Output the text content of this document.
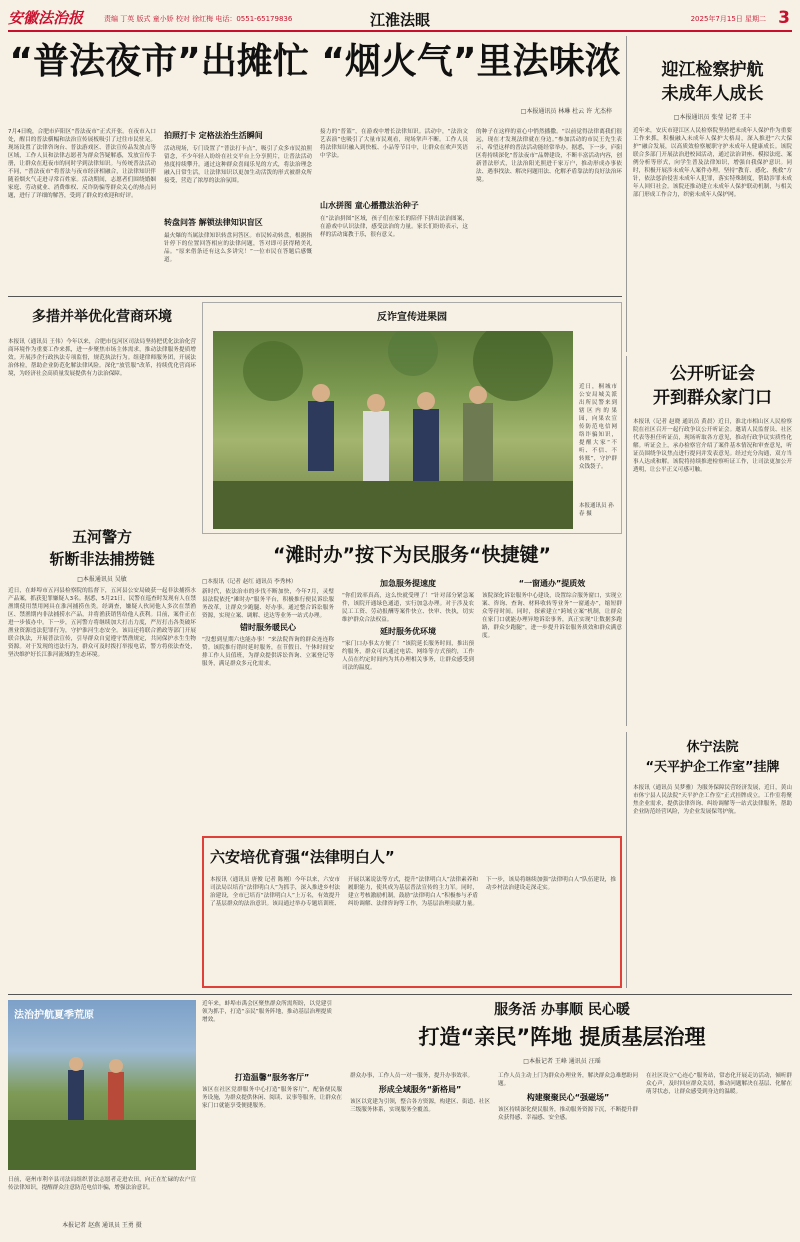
安徽法治报	责编 丁英 版式 童小娇 校对 徐红梅 电话：0551-65179836	江淮法眼	2025年7月15日 星期二 3
“普法夜市”出摊忙 “烟火气”里法味浓
□本报通讯员 林琳 杜云 许 尤杰梓
7月4日晚，合肥市庐阳区“普法夜市”正式开张。在夜市入口处，醒目的普法横幅和法治宣传展板吸引了过往市民驻足。现场设置了法律咨询台、普法游戏区、普法宣传品发放点等区域，工作人员和法律志愿者为群众答疑解惑，发放宣传手册，让群众在逛夜市的同时学到法律知识。与传统普法活动不同，“普法夜市”将普法与夜市经济相融合，让法律知识伴随着烟火气走进寻常百姓家。活动期间，志愿者们围绕婚姻家庭、劳动就业、消费维权、反诈防骗等群众关心的热点问题，进行了详细的解答，受到了群众的欢迎和好评。
拍照打卡 定格法治生活瞬间
活动现场，专门设置了“普法打卡点”，吸引了众多市民拍照留念，不少年轻人纷纷在社交平台上分享照片，让普法活动热度持续攀升。通过这种群众喜闻乐见的方式，将法治理念融入日常生活，让法律知识以更加生动活泼的形式被群众所接受，营造了浓厚的法治氛围。
转盘问答 解锁法律知识盲区
最火爆的当属法律知识转盘问答区。市民转动转盘，根据指针停下的位置回答相应的法律问题，答对即可获得精美礼品。“原来借条还有这么多讲究！”一位市民在答题后感慨道。
接力的“普篮”，在游戏中增长法律知识。活动中，“法治文艺表演”也吸引了大量市民观看，现场掌声不断。工作人员将法律知识融入到快板、小品等节目中，让群众在欢声笑语中学法。
山水拼图 童心播撒法治种子
在“法治拼图”区域，孩子们在家长的陪伴下拼出法治图案，在游戏中认识法律，感受法治的力量。家长们纷纷表示，这样的活动寓教于乐，很有意义。
的种子在这样的童心中悄然播撒。“以前觉得法律离我们很远，现在才发现法律就在身边。”参加活动的市民王先生表示，希望这样的普法活动能经常举办。据悉，下一步，庐阳区将持续深化“普法夜市”品牌建设，不断丰富活动内容，创新普法形式，让法治阳光照进千家万户，推动形成办事依法、遇事找法、解决问题用法、化解矛盾靠法的良好法治环境。
迎江检察护航
未成年人成长
□本报通讯员 张莹 记者 王丰
近年来，安庆市迎江区人民检察院坚持把未成年人保护作为重要工作来抓，积极融入未成年人保护大格局，深入推进“六大保护”融合发展，以高质效检察履职守护未成年人健康成长。该院联合多部门开展法治进校园活动，通过法治讲座、模拟法庭、案例分析等形式，向学生普及法律知识，增强自我保护意识。同时，积极开展涉未成年人案件办理，坚持“教育、感化、挽救”方针，依法惩治侵害未成年人犯罪，落实特殊制度，帮助涉罪未成年人回归社会。该院还推动建立未成年人保护联动机制，与相关部门形成工作合力，织密未成年人保护网。
多措并举优化营商环境
本报讯（通讯员 王伟）今年以来，合肥市包河区司法局坚持把优化法治化营商环境作为重要工作来抓，进一步聚焦市场主体需求，推动法律服务提质增效。开展涉企行政执法专项监督，规范执法行为。组建律师服务团，开展法治体检，帮助企业防范化解法律风险。深化“放管服”改革，持续优化营商环境，为经济社会高质量发展提供有力法治保障。
反诈宣传进果园
近日，桐城市公安局城关派出所民警来到辖区内的果园，向果农宣传防范电信网络诈骗知识，提醒大家“不听、不信、不转账”，守护群众钱袋子。
本报通讯员 孙春 摄
公开听证会
开到群众家门口
本报讯（记者 赵晓 通讯员 黄晨）近日，淮北市相山区人民检察院在社区召开一起行政争议公开听证会。邀请人民监督员、社区代表等担任听证员，现场听取各方意见，推动行政争议实质性化解。听证会上，承办检察官介绍了案件基本情况和审查意见，听证员围绕争议焦点进行提问并发表意见。经过充分沟通，双方当事人达成和解。该院将持续推进检察听证工作，让司法更加公开透明，让公平正义可感可触。
五河警方
斩断非法捕捞链
□本报通讯员 吴敏
近日，在蚌埠市五河县检察院的监督下，五河县公安局破获一起非法捕捞水产品案，抓获犯罪嫌疑人3名。据悉，5月21日，民警在巡查时发现有人在禁渔期使用禁用网具在淮河捕捞鱼类。经调查，嫌疑人伙同他人多次在禁渔区、禁渔期内非法捕捞水产品，并将渔获销售给他人获利。目前，案件正在进一步侦办中。下一步，五河警方将继续加大打击力度，严厉打击各类破坏渔业资源违法犯罪行为，守护淮河生态安全。该局还将联合渔政等部门开展联合执法，开展普法宣传，引导群众自觉遵守禁渔规定，共同保护水生生物资源。对于发现的违法行为，群众可及时拨打举报电话，警方将依法查处，坚决维护好长江淮河流域的生态环境。
“滩时办”按下为民服务“快捷键”
□本报讯（记者 赵红 通讯员 李秀林）
新时代，依法治市的步伐不断加快，今年7月，灵璧县法院依托“滩时办”服务平台，积极推行便民诉讼服务改革，让群众少跑腿、好办事。通过整合诉讼服务资源，实现立案、调解、送达等业务一站式办理。
错时服务暖民心
“没想到星期六也能办事！”来法院咨询的群众连连称赞。该院推行错时延时服务，在节假日、午休时间安排工作人员值班，为群众提供诉讼咨询、立案登记等服务，满足群众多元化需求。
加急服务提速度
“你们效率真高，这么快就受理了！”针对部分紧急案件，该院开通绿色通道，实行加急办理。对于涉及农民工工资、劳动报酬等案件快立、快审、快执，切实维护群众合法权益。
延时服务优环境
“家门口办事太方便了！”该院延长服务时间，推出预约服务，群众可以通过电话、网络等方式预约，工作人员在约定时间内为其办理相关事务，让群众感受到司法的温度。
“一窗通办”提质效
该院深化诉讼服务中心建设，设置综合服务窗口，实现立案、咨询、查询、材料收转等业务“一窗通办”，缩短群众等待时间。同时，探索建立“跨域立案”机制，让群众在家门口就能办理异地诉讼事务，真正实现“让数据多跑路，群众少跑腿”，进一步提升诉讼服务质效和群众满意度。
六安培优育强“法律明白人”
本报讯（通讯员 唐俊 记者 陈刚）今年以来，六安市司法局以培育“法律明白人”为抓手，深入推进乡村法治建设，全市已培育“法律明白人”上万名，有效提升了基层群众的法治意识。该局通过举办专题培训班、开展以案说法等方式，提升“法律明白人”法律素养和履职能力，使其成为基层普法宣传的主力军。同时，建立考核激励机制，鼓励“法律明白人”积极参与矛盾纠纷调解、法律咨询等工作，为基层治理贡献力量。下一步，该局将继续加强“法律明白人”队伍建设，推动乡村法治建设走深走实。
休宁法院
“天平护企工作室”挂牌
本报讯（通讯员 吴梦雅）为服务保障民营经济发展，近日，黄山市休宁县人民法院“天平护企工作室”正式挂牌成立。工作室将聚焦企业需求，提供法律咨询、纠纷调解等一站式法律服务，帮助企业防范经营风险，为企业发展保驾护航。
法治护航夏季荒原
日前，亳州市利辛县司法局组织普法志愿者走进农田，向正在忙碌的农户宣传法律知识，提醒群众注意防范电信诈骗，增强法治意识。
本报记者 赵燕 通讯员 王勇 摄
近年来，蚌埠市禹会区聚焦群众所需所盼，以党建引领为抓手，打造“亲民”服务阵地，推动基层治理提质增效。
服务活 办事顺 民心暖
打造“亲民”阵地 提质基层治理
□本报记者 王峰 通讯员 汪瑶
打造温馨“服务客厅”
该区在社区党群服务中心打造“服务客厅”，配备便民服务设施，为群众提供休闲、阅读、议事等服务，让群众在家门口就能享受便捷服务。
群众办事，工作人员一对一服务，提升办事效率。
形成全域服务“新格局”
该区以党建为引领，整合各方资源，构建区、街道、社区三级服务体系，实现服务全覆盖。
工作人员主动上门为群众办理业务，解决群众急难愁盼问题。
构建聚聚民心“强磁场”
该区持续深化便民服务，推动服务资源下沉，不断提升群众获得感、幸福感、安全感。
在社区设立“心连心”服务站，常态化开展走访活动，倾听群众心声，及时回应群众关切，推动问题解决在基层、化解在萌芽状态，让群众感受到身边的温暖。
